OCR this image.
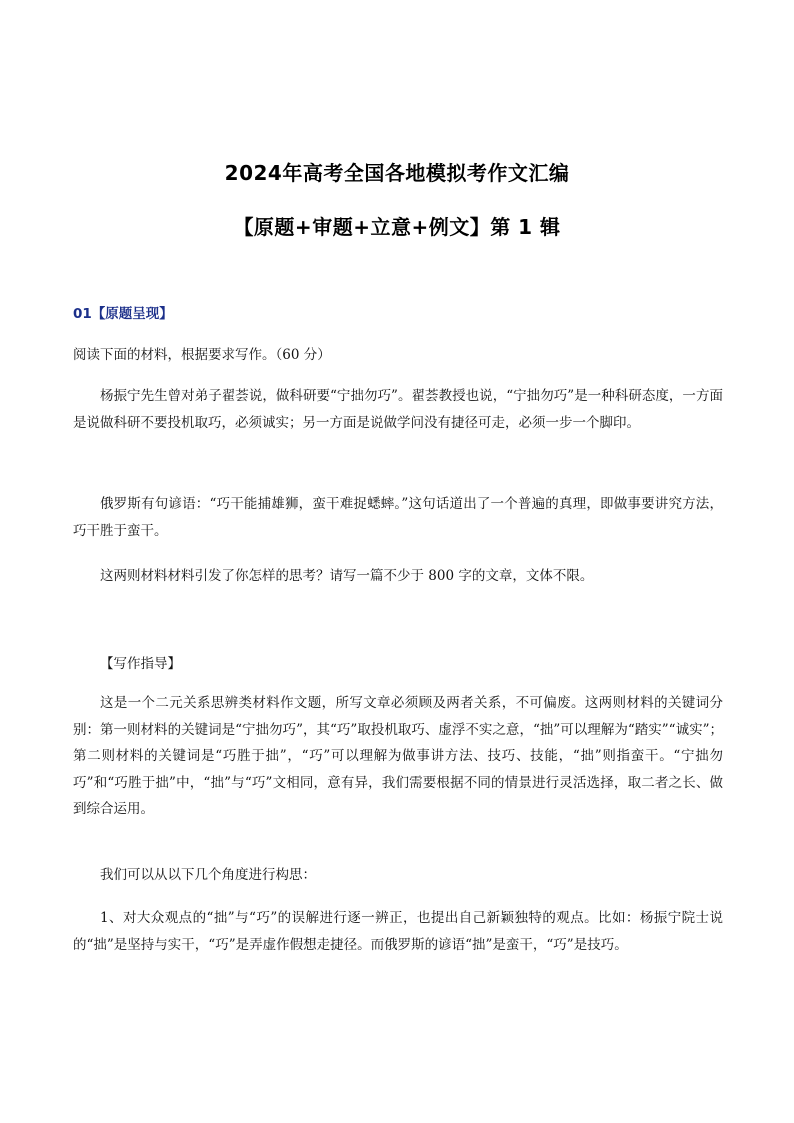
2024年高考全国各地模拟考作文汇编
【原题+审题+立意+例文】第 1 辑
01【原题呈现】

阅读下面的材料，根据要求写作。（60 分）

杨振宁先生曾对弟子翟荟说，做科研要“宁拙勿巧”。翟荟教授也说，“宁拙勿巧”是一种科研态度，一方面是说做科研不要投机取巧，必须诚实；另一方面是说做学问没有捷径可走，必须一步一个脚印。

俄罗斯有句谚语：“巧干能捕雄狮，蛮干难捉蟋蟀。”这句话道出了一个普遍的真理，即做事要讲究方法，巧干胜于蛮干。

这两则材料材料引发了你怎样的思考？请写一篇不少于 800 字的文章，文体不限。

【写作指导】

这是一个二元关系思辨类材料作文题，所写文章必须顾及两者关系，不可偏废。这两则材料的关键词分别：第一则材料的关键词是“宁拙勿巧”，其“巧”取投机取巧、虚浮不实之意，“拙”可以理解为“踏实”“诚实”；第二则材料的关键词是“巧胜于拙”，“巧”可以理解为做事讲方法、技巧、技能，“拙”则指蛮干。“宁拙勿巧”和“巧胜于拙”中，“拙”与“巧”文相同，意有异，我们需要根据不同的情景进行灵活选择，取二者之长、做到综合运用。

我们可以从以下几个角度进行构思：

1、对大众观点的“拙”与“巧”的误解进行逐一辨正，也提出自己新颖独特的观点。比如：杨振宁院士说的“拙”是坚持与实干，“巧”是弄虚作假想走捷径。而俄罗斯的谚语“拙”是蛮干，“巧”是技巧。
